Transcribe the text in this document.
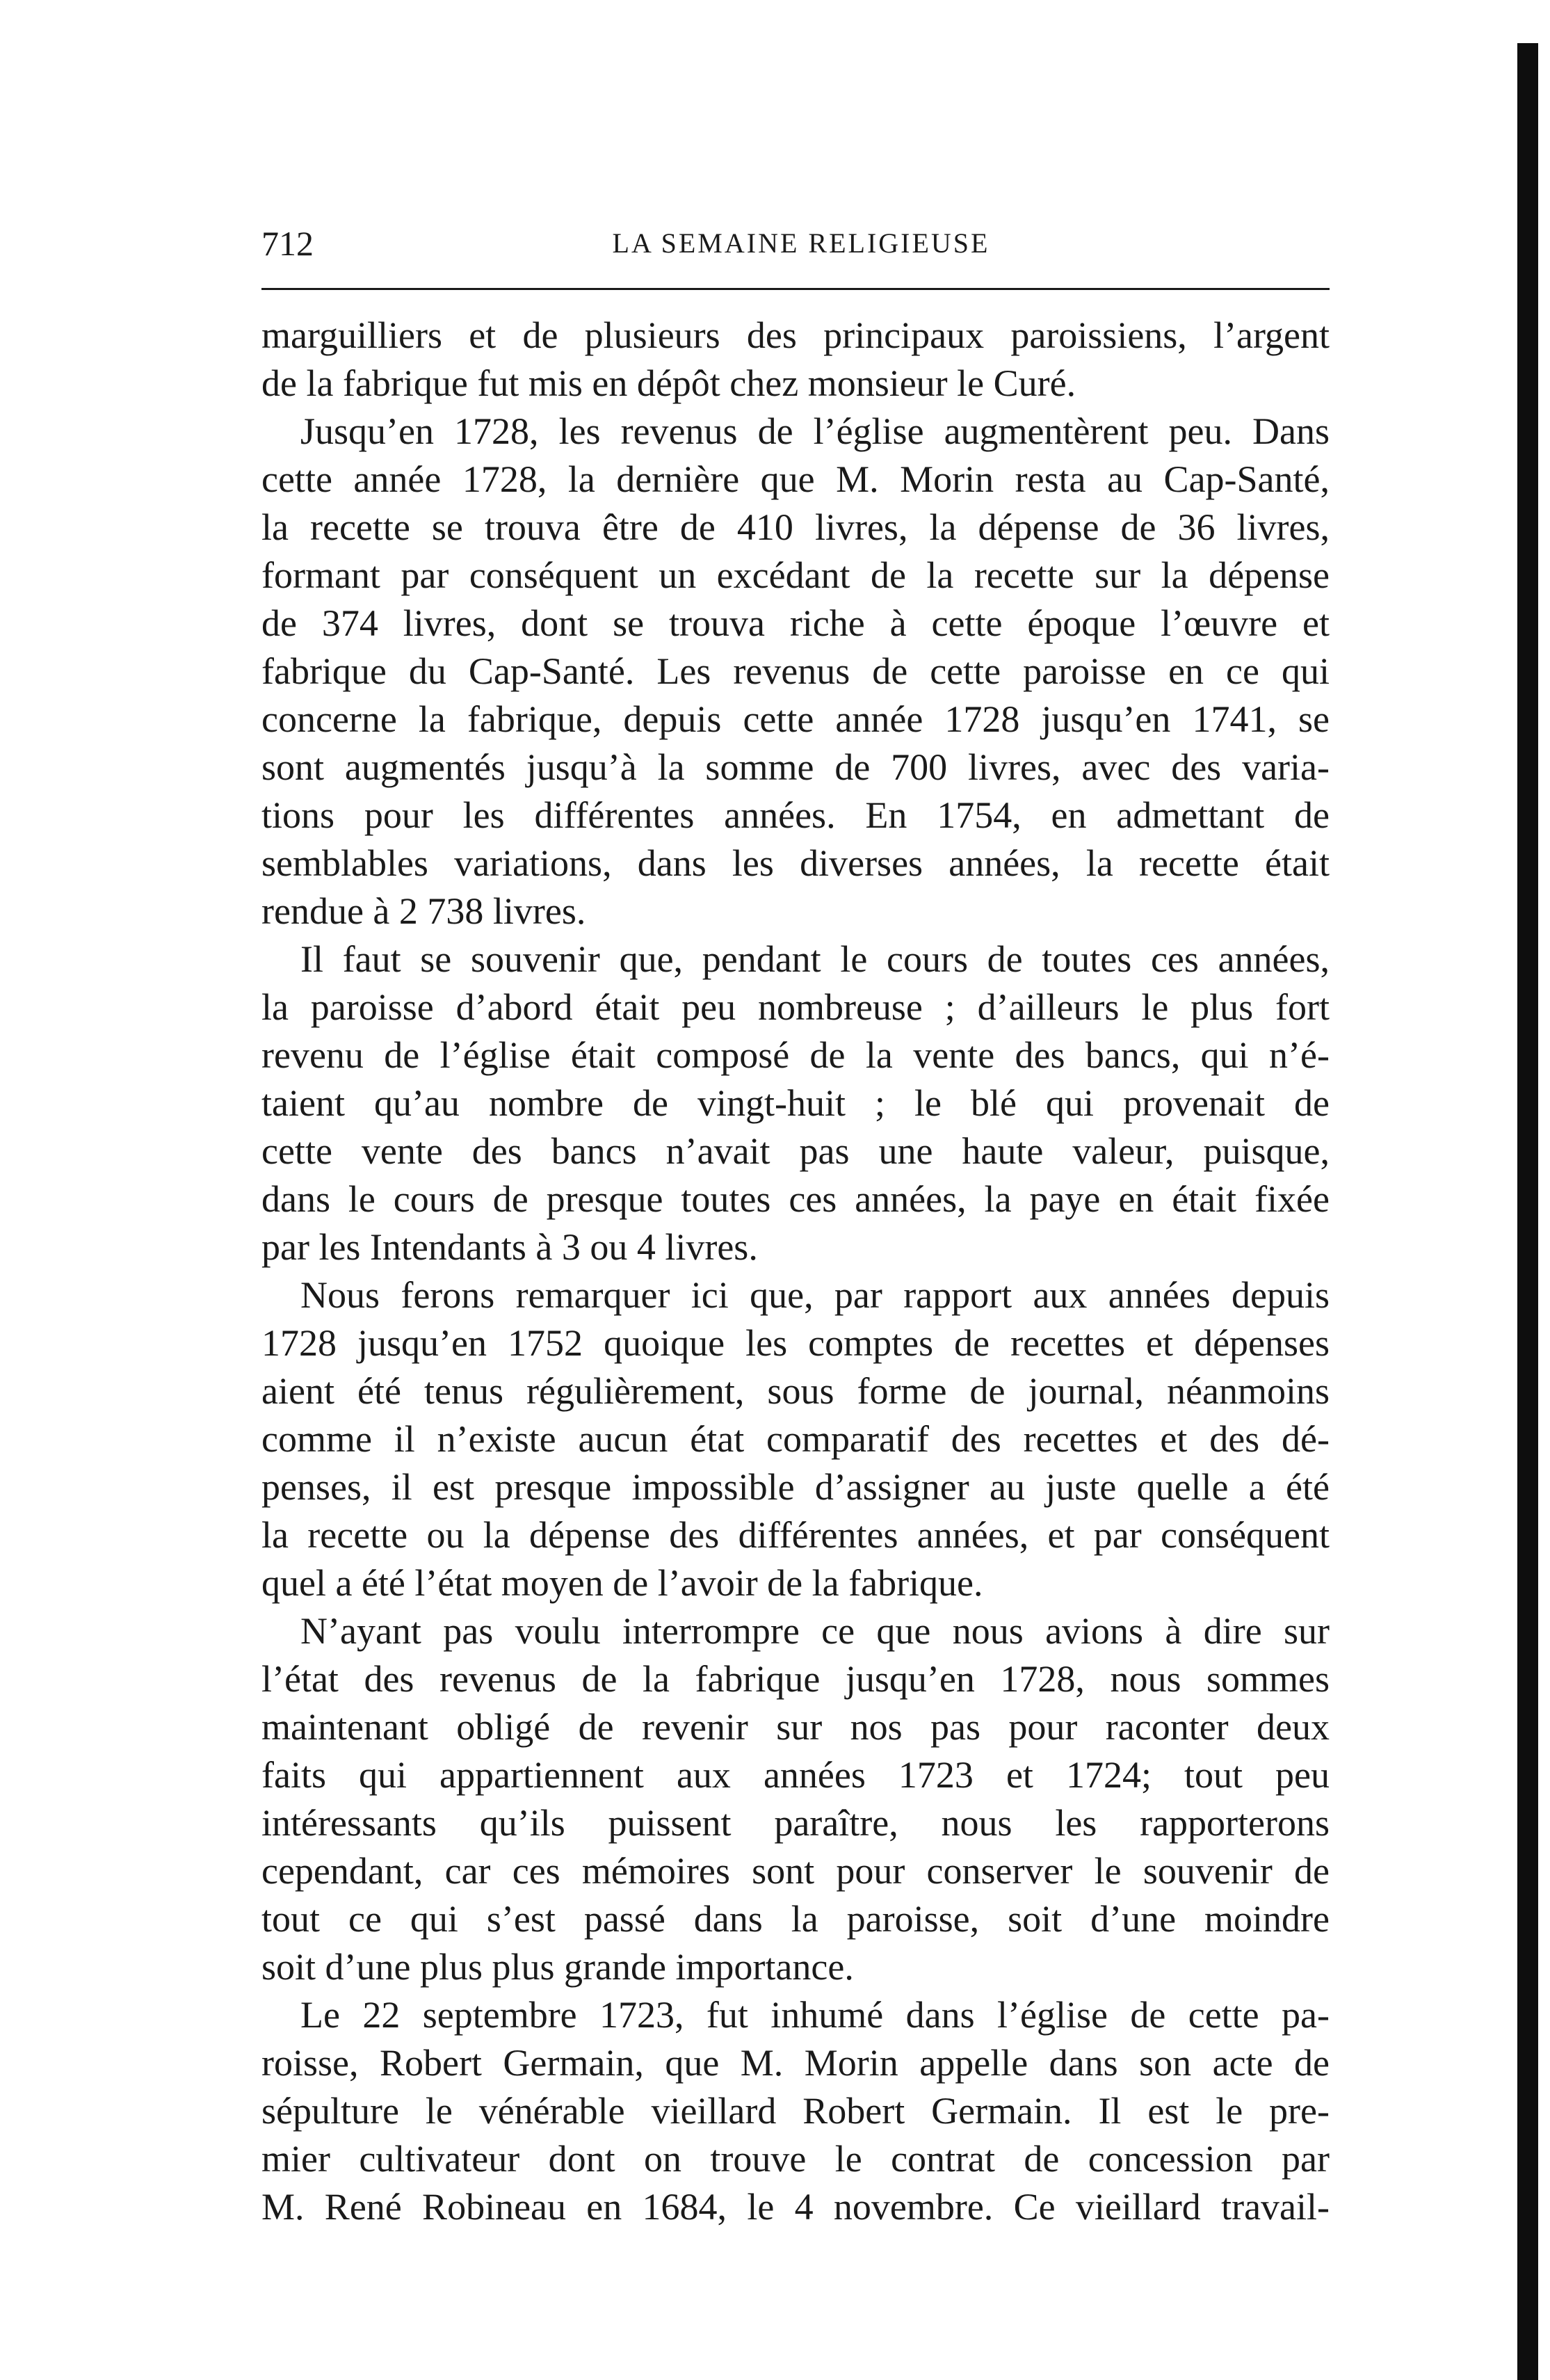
712	LA SEMAINE RELIGIEUSE
marguilliers et de plusieurs des principaux paroissiens, l’argent
de la fabrique fut mis en dépôt chez monsieur le Curé.
Jusqu’en 1728, les revenus de l’église augmentèrent peu. Dans
cette année 1728, la dernière que M. Morin resta au Cap-Santé,
la recette se trouva être de 410 livres, la dépense de 36 livres,
formant par conséquent un excédant de la recette sur la dépense
de 374 livres, dont se trouva riche à cette époque l’œuvre et
fabrique du Cap-Santé. Les revenus de cette paroisse en ce qui
concerne la fabrique, depuis cette année 1728 jusqu’en 1741, se
sont augmentés jusqu’à la somme de 700 livres, avec des varia-
tions pour les différentes années. En 1754, en admettant de
semblables variations, dans les diverses années, la recette était
rendue à 2 738 livres.
Il faut se souvenir que, pendant le cours de toutes ces années,
la paroisse d’abord était peu nombreuse ; d’ailleurs le plus fort
revenu de l’église était composé de la vente des bancs, qui n’é-
taient qu’au nombre de vingt-huit ; le blé qui provenait de
cette vente des bancs n’avait pas une haute valeur, puisque,
dans le cours de presque toutes ces années, la paye en était fixée
par les Intendants à 3 ou 4 livres.
Nous ferons remarquer ici que, par rapport aux années depuis
1728 jusqu’en 1752 quoique les comptes de recettes et dépenses
aient été tenus régulièrement, sous forme de journal, néanmoins
comme il n’existe aucun état comparatif des recettes et des dé-
penses, il est presque impossible d’assigner au juste quelle a été
la recette ou la dépense des différentes années, et par conséquent
quel a été l’état moyen de l’avoir de la fabrique.
N’ayant pas voulu interrompre ce que nous avions à dire sur
l’état des revenus de la fabrique jusqu’en 1728, nous sommes
maintenant obligé de revenir sur nos pas pour raconter deux
faits qui appartiennent aux années 1723 et 1724; tout peu
intéressants qu’ils puissent paraître, nous les rapporterons
cependant, car ces mémoires sont pour conserver le souvenir de
tout ce qui s’est passé dans la paroisse, soit d’une moindre
soit d’une plus plus grande importance.
Le 22 septembre 1723, fut inhumé dans l’église de cette pa-
roisse, Robert Germain, que M. Morin appelle dans son acte de
sépulture le vénérable vieillard Robert Germain. Il est le pre-
mier cultivateur dont on trouve le contrat de concession par
M. René Robineau en 1684, le 4 novembre. Ce vieillard travail-
